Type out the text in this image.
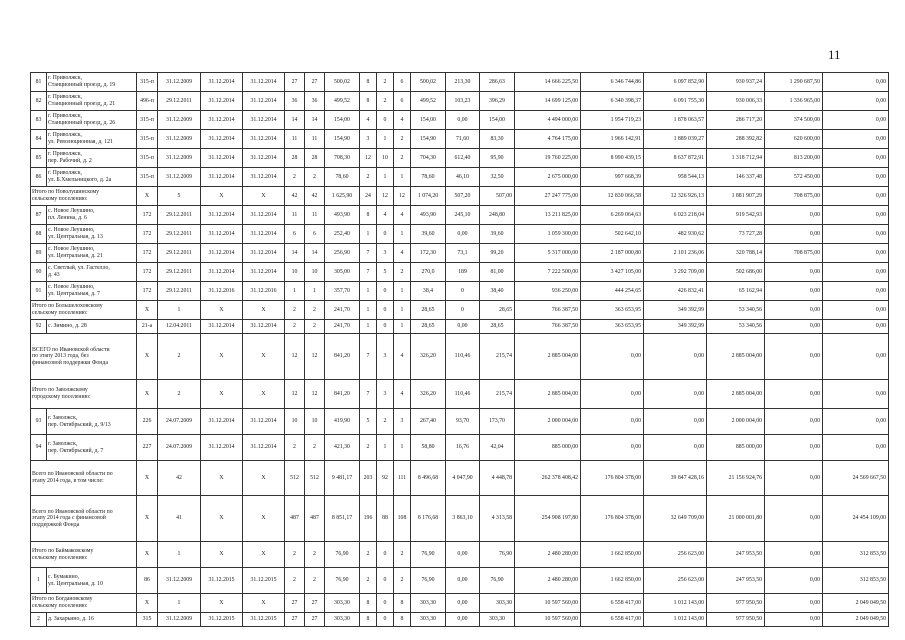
11
81	г. Приволжск,
Станционный проезд, д. 19	315-п	31.12.2009	31.12.2014	31.12.2014	27	27	500,02	8	2	6	500,02	213,30	286,63	14 666 225,50	6 346 744,86	6 097 852,90	930 937,24	1 290 687,50	0,00
82	г. Приволжск,
Станционный проезд, д. 21	496-п	29.12.2011	31.12.2014	31.12.2014	36	36	499,52	8	2	6	499,52	103,23	396,29	14 699 125,00	6 340 398,37	6 091 755,30	930 006,33	1 336 965,00	0,00
83	г. Приволжск,
Станционный проезд, д. 26	315-п	31.12.2009	31.12.2014	31.12.2014	14	14	154,00	4	0	4	154,00	0,00	154,00	4 494 000,00	1 954 719,23	1 878 063,57	286 717,20	374 500,00	0,00
84	г. Приволжск,
ул. Революционная, д. 121	315-п	31.12.2009	31.12.2014	31.12.2014	11	11	154,90	3	1	2	154,90	71,60	83,30	4 764 175,00	1 966 142,91	1 889 039,27	288 392,82	620 600,00	0,00
85	г. Приволжск,
пер. Рабочий, д. 2	315-п	31.12.2009	31.12.2014	31.12.2014	28	28	708,30	12	10	2	704,30	612,40	95,90	19 760 225,00	8 990 439,15	8 637 872,91	1 318 712,94	813 200,00	0,00
86	г. Приволжск,
ул. Б.Хмельницкого, д. 2а	315-п	31.12.2009	31.12.2014	31.12.2014	2	2	78,60	2	1	1	78,60	46,10	32,50	2 675 000,00	997 668,39	958 544,13	146 337,48	572 450,00	0,00
Итого по Новолушинскому
сельскому поселению:		X	5	X	X	42	42	1 625,90	24	12	12	1 074,20	507,20	507,00	27 247 775,00	12 830 066,58	12 326 926,13	1 881 907,29	708 875,00	0,00
87	с. Новое Леушино,
пл. Ленина, д. 6	172	29.12.2011	31.12.2014	31.12.2014	11	11	493,90	8	4	4	493,90	245,10	248,80	13 211 825,00	6 269 064,63	6 023 218,04	919 542,93	0,00	0,00
88	с. Новое Леушино,
ул. Центральная, д. 13	172	29.12.2011	31.12.2014	31.12.2014	6	6	252,40	1	0	1	39,60	0,00	39,60	1 059 300,00	502 642,10	482 930,62	73 727,28	0,00	0,00
89	с. Новое Леушино,
ул. Центральная, д. 21	172	29.12.2011	31.12.2014	31.12.2014	14	14	256,90	7	3	4	172,30	73,1	99,20	5 317 000,00	2 187 000,80	2 101 236,06	320 788,14	708 875,00	0,00
90	с. Светлый, ул. Гастелло,
д. 43	172	29.12.2011	31.12.2014	31.12.2014	10	10	305,00	7	5	2	270,0	189	81,00	7 222 500,00	3 427 105,00	3 292 709,00	502 686,00	0,00	0,00
91	с. Новое Леушино,
ул. Центральная, д. 7	172	29.12.2011	31.12.2016	31.12.2016	1	1	357,70	1	0	1	38,4	0	38,40	936 250,00	444 254,65	426 832,41	65 162,94	0,00	0,00
Итого по Большелоховскому
сельскому поселению:		X	1	X	X	2	2	241,70	1	0	1	28,65	0	28,65	766 387,50	363 653,95	349 392,99	53 340,56	0,00	0,00
92	с. Зимино, д. 28	21-а	12.04.2011	31.12.2014	31.12.2014	2	2	241,70	1	0	1	28,65	0,00	28,65	766 387,50	363 653,95	349 392,99	53 340,56	0,00	0,00
ВСЕГО по Ивановской области
по этапу 2013 года, без
финансовой поддержки Фонда		X	2	X	X	12	12	841,20	7	3	4	326,20	110,46	215,74	2 885 004,00	0,00	0,00	2 885 004,00	0,00	0,00
Итого по Заволжскому
городскому поселению:		X	2	X	X	12	12	841,20	7	3	4	326,20	110,46	215,74	2 885 004,00	0,00	0,00	2 885 004,00	0,00	0,00
93	г. Заволжск,
пер. Октябрьский, д. 9/13	226	24.07.2009	31.12.2014	31.12.2014	10	10	419,90	5	2	3	267,40	93,70	173,70	2 000 004,00	0,00	0,00	2 000 004,00	0,00	0,00
94	г. Заволжск,
пер. Октябрьский, д. 7	227	24.07.2009	31.12.2014	31.12.2014	2	2	421,30	2	1	1	58,80	16,76	42,04	885 000,00	0,00	0,00	885 000,00	0,00	0,00
Всего по Ивановской области по
этапу 2014 года, в том числе:		X	42	X	X	512	512	9 481,17	203	92	111	8 496,68	4 047,90	4 448,78	262 378 408,42	176 804 378,00	39 847 428,16	21 156 924,76	0,00	24 569 667,50
Всего по Ивановской области по
этапу 2014 года с финансовой
поддержкой Фонда		X	41	X	X	487	487	8 851,17	196	88	108	8 176,68	3 863,10	4 313,58	254 908 197,80	176 804 378,00	32 649 709,00	21 000 001,80	0,00	24 454 109,00
Итого по Баймаковскому
сельскому поселению:		X	1	X	X	2	2	76,90	2	0	2	76,90	0,00	76,90	2 480 280,00	1 662 850,00	256 623,00	247 953,50	0,00	312 853,50
1	с. Бумакино,
ул. Центральная, д. 10	86	31.12.2009	31.12.2015	31.12.2015	2	2	76,90	2	0	2	76,90	0,00	76,90	2 480 280,00	1 662 850,00	256 623,00	247 953,50	0,00	312 853,50
Итого по Богдановскому
сельскому поселению:		X	1	X	X	27	27	303,30	8	0	8	303,30	0,00	303,30	10 597 560,00	6 558 417,00	1 012 143,00	977 950,50	0,00	2 049 049,50
2	д. Захарьино, д. 16	315	31.12.2009	31.12.2015	31.12.2015	27	27	303,30	8	0	8	303,30	0,00	303,30	10 597 560,00	6 558 417,00	1 012 143,00	977 950,50	0,00	2 049 049,50
